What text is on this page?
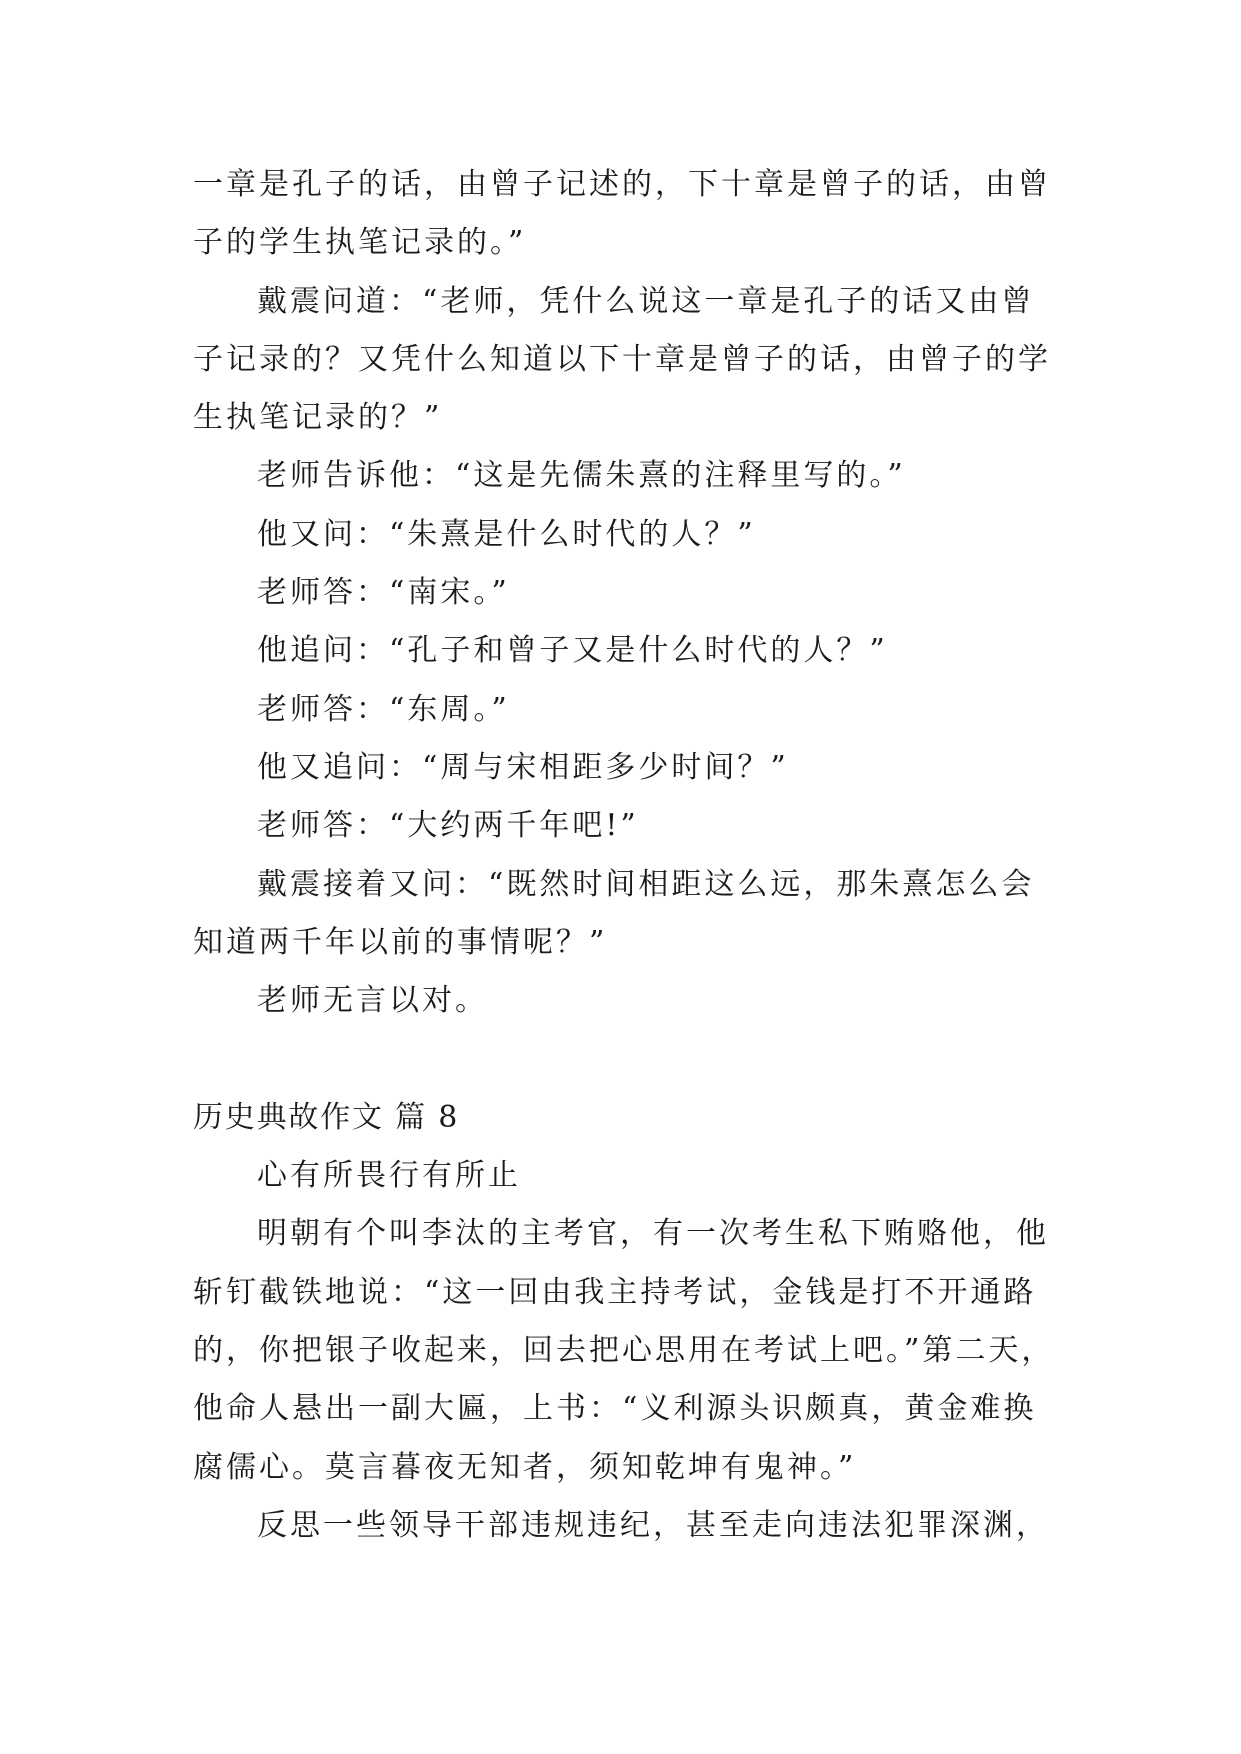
一章是孔子的话，由曾子记述的，下十章是曾子的话，由曾
子的学生执笔记录的。”
戴震问道：“老师，凭什么说这一章是孔子的话又由曾
子记录的？又凭什么知道以下十章是曾子的话，由曾子的学
生执笔记录的？”
老师告诉他：“这是先儒朱熹的注释里写的。”
他又问：“朱熹是什么时代的人？”
老师答：“南宋。”
他追问：“孔子和曾子又是什么时代的人？”
老师答：“东周。”
他又追问：“周与宋相距多少时间？”
老师答：“大约两千年吧!”
戴震接着又问：“既然时间相距这么远，那朱熹怎么会
知道两千年以前的事情呢？”
老师无言以对。
历史典故作文 篇 8
心有所畏行有所止
明朝有个叫李汰的主考官，有一次考生私下贿赂他，他
斩钉截铁地说：“这一回由我主持考试，金钱是打不开通路
的，你把银子收起来，回去把心思用在考试上吧。”第二天，
他命人悬出一副大匾，上书：“义利源头识颇真，黄金难换
腐儒心。莫言暮夜无知者，须知乾坤有鬼神。”
反思一些领导干部违规违纪，甚至走向违法犯罪深渊，
